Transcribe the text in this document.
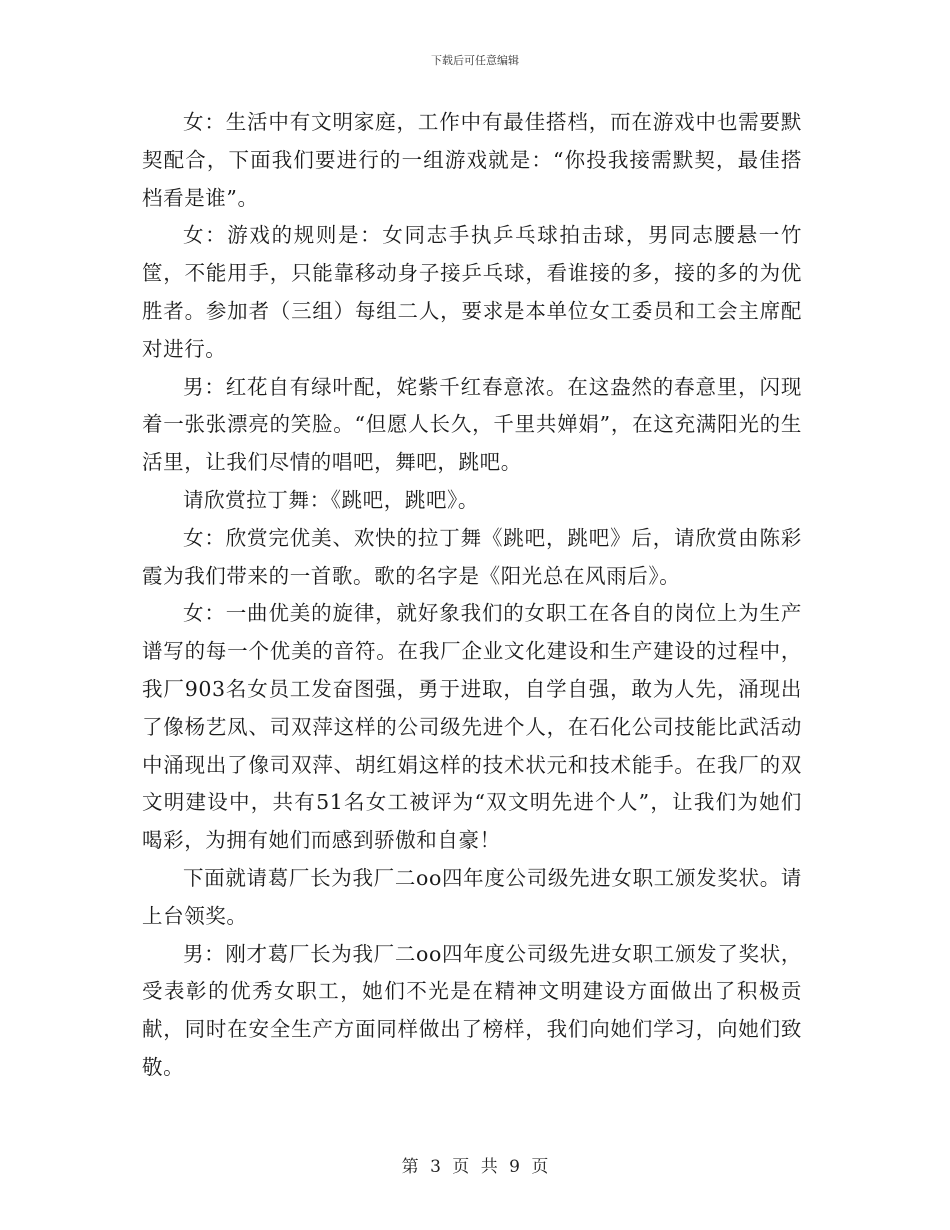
下载后可任意编辑

女：生活中有文明家庭，工作中有最佳搭档，而在游戏中也需要默契配合，下面我们要进行的一组游戏就是：“你投我接需默契，最佳搭档看是谁”。

女：游戏的规则是：女同志手执乒乓球拍击球，男同志腰悬一竹筐，不能用手，只能靠移动身子接乒乓球，看谁接的多，接的多的为优胜者。参加者（三组）每组二人，要求是本单位女工委员和工会主席配对进行。

男：红花自有绿叶配，姹紫千红春意浓。在这盎然的春意里，闪现着一张张漂亮的笑脸。“但愿人长久，千里共婵娟”，在这充满阳光的生活里，让我们尽情的唱吧，舞吧，跳吧。

请欣赏拉丁舞：《跳吧，跳吧》。

女：欣赏完优美、欢快的拉丁舞《跳吧，跳吧》后，请欣赏由陈彩霞为我们带来的一首歌。歌的名字是《阳光总在风雨后》。

女：一曲优美的旋律，就好象我们的女职工在各自的岗位上为生产谱写的每一个优美的音符。在我厂企业文化建设和生产建设的过程中，我厂903名女员工发奋图强，勇于进取，自学自强，敢为人先，涌现出了像杨艺凤、司双萍这样的公司级先进个人，在石化公司技能比武活动中涌现出了像司双萍、胡红娟这样的技术状元和技术能手。在我厂的双文明建设中，共有51名女工被评为“双文明先进个人”，让我们为她们喝彩，为拥有她们而感到骄傲和自豪！

下面就请葛厂长为我厂二oo四年度公司级先进女职工颁发奖状。请上台领奖。

男：刚才葛厂长为我厂二oo四年度公司级先进女职工颁发了奖状，受表彰的优秀女职工，她们不光是在精神文明建设方面做出了积极贡献，同时在安全生产方面同样做出了榜样，我们向她们学习，向她们致敬。

第 3 页 共 9 页
